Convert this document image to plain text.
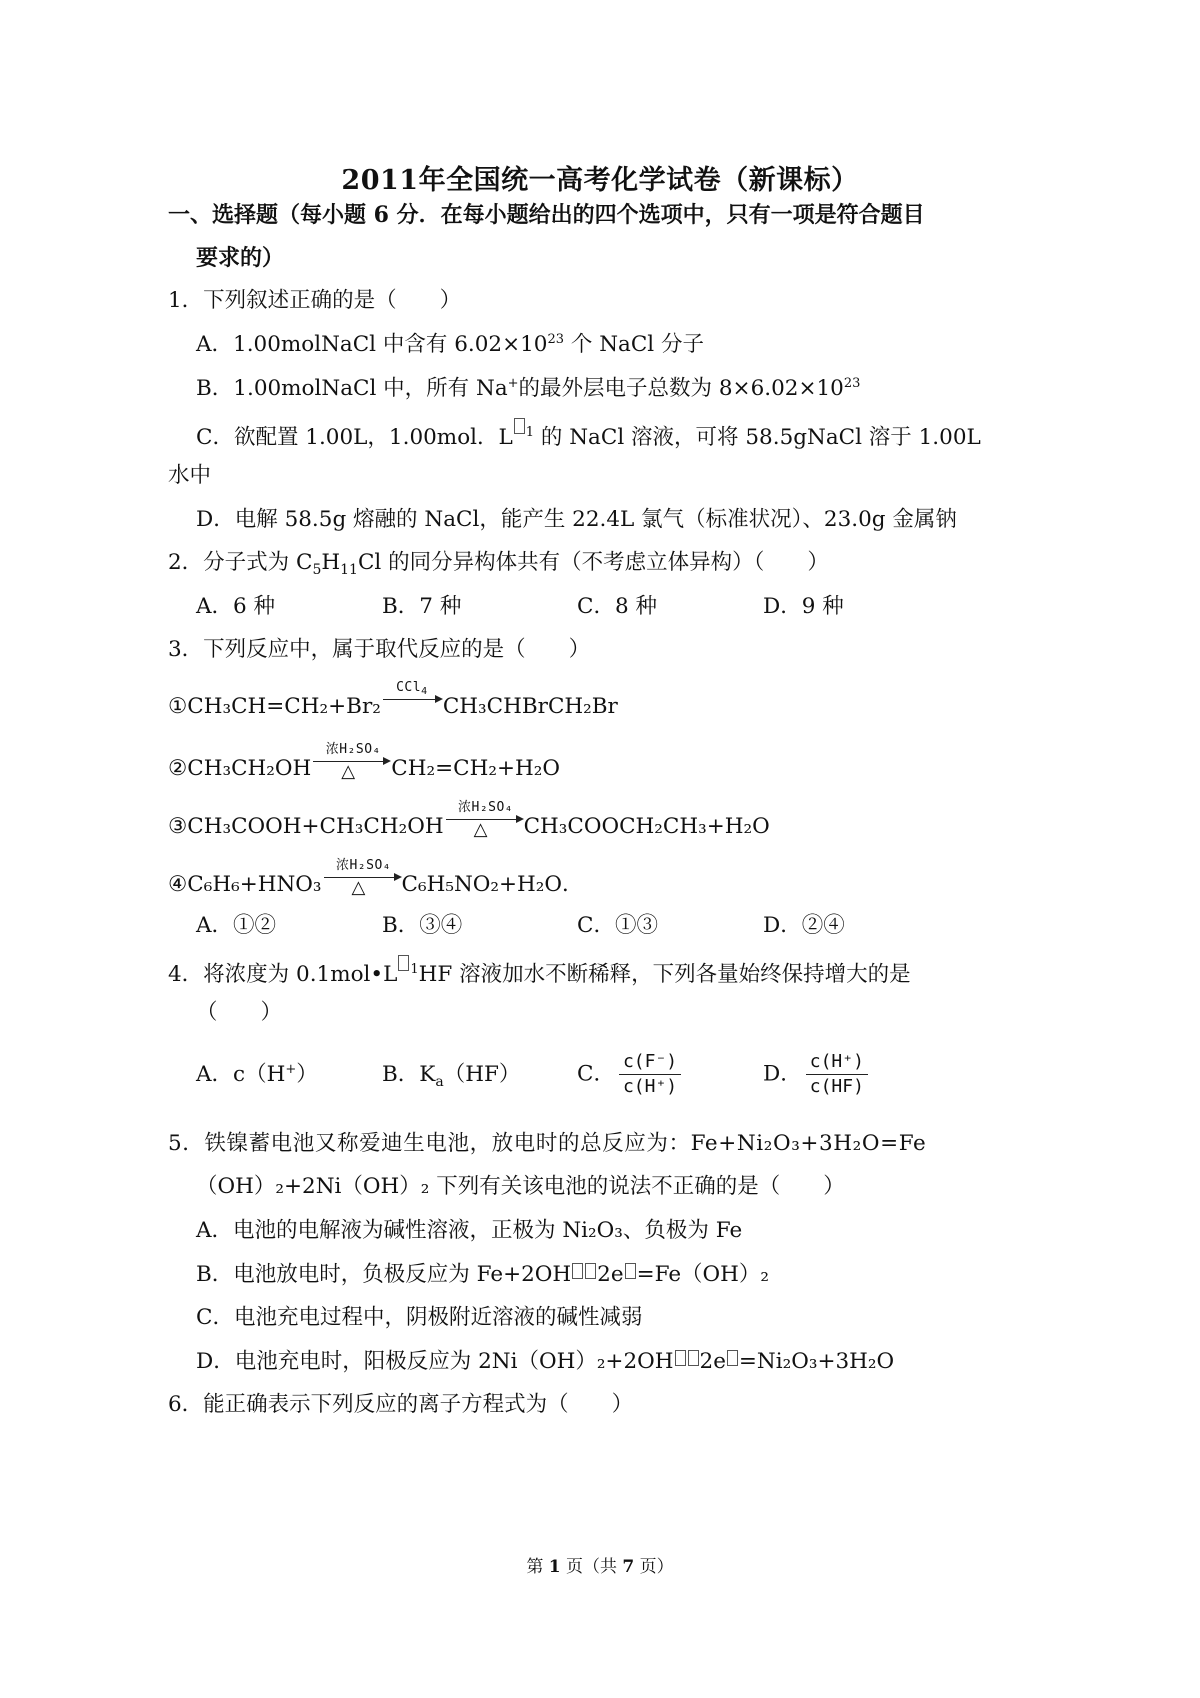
2011年全国统一高考化学试卷（新课标）
一、选择题（每小题 6 分．在每小题给出的四个选项中，只有一项是符合题目
要求的）
1．下列叙述正确的是（　　）
A．1.00molNaCl 中含有 $6.02\times 10^{23}$ 个 NaCl 分子
B．1.00molNaCl 中，所有 Na+的最外层电子总数为 $8\times 6.02\times 10^{23}$
C．欲配置 1.00L，1.00mol．L $^1$ 的 NaCl 溶液，可将 58.5gNaCl 溶于 1.00L
水中
D．电解 58.5g 熔融的 NaCl，能产生 22.4L 氯气（标准状况）、23.0g 金属钠
2．分子式为 $C_5H_{11}Cl$ 的同分异构体共有（不考虑立体异构）（　　）
A．6 种	B．7 种	C．8 种	D．9 种
3．下列反应中，属于取代反应的是（　　）
①CH₃CH=CH₂+Br₂
CCl$_4$
CH₃CHBrCH₂Br
②CH₃CH₂OH
浓H₂SO₄
△ CH₂=CH₂+H₂O
③CH₃COOH+CH₃CH₂OH
浓H₂SO₄
△ CH₃COOCH₂CH₃+H₂O
④C₆H₆+HNO₃
浓H₂SO₄
△ C₆H₅NO₂+H₂O．
A．①②	B．③④	C．①③	D．②④
4．将浓度为 0.1mol•L $^1$HF 溶液加水不断稀释，下列各量始终保持增大的是
（　　）
A．c（H+）	B．$K_a(HF)$	C． $\frac{c(F^-)}{c(H^+)}$	D． $\frac{c(H^+)}{c(HF)}$
5．铁镍蓄电池又称爱迪生电池，放电时的总反应为：Fe+Ni₂O₃+3H₂O=Fe
（OH）₂+2Ni（OH）₂ 下列有关该电池的说法不正确的是（　　）
A．电池的电解液为碱性溶液，正极为 Ni₂O₃、负极为 Fe
B．电池放电时，负极反应为 Fe+2OH 2e =Fe（OH）₂
C．电池充电过程中，阴极附近溶液的碱性减弱
D．电池充电时，阳极反应为 2Ni（OH）₂+2OH 2e =Ni₂O₃+3H₂O
6．能正确表示下列反应的离子方程式为（　　）
第 1 页（共 7 页）
